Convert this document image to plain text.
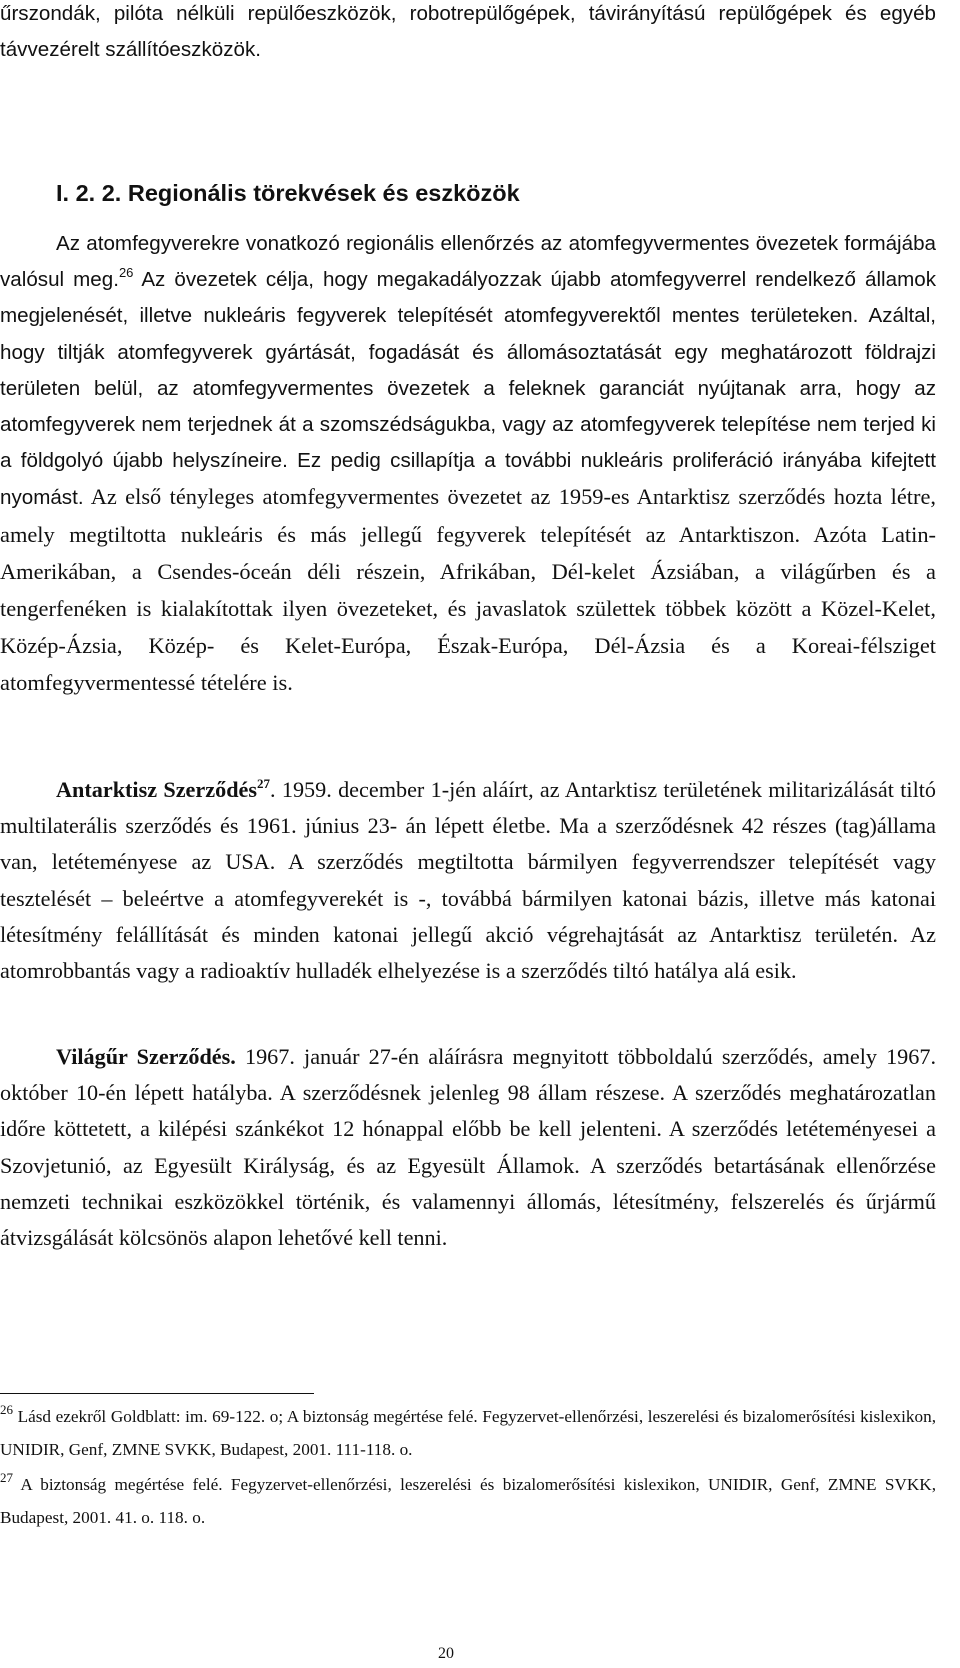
űrszondák, pilóta nélküli repülőeszközök, robotrepülőgépek, távirányítású repülőgépek és egyéb távvezérelt szállítóeszközök.

I. 2. 2. Regionális törekvések és eszközök

Az atomfegyverekre vonatkozó regionális ellenőrzés az atomfegyvermentes övezetek formájába valósul meg.$^{26}$ Az övezetek célja, hogy megakadályozzak újabb atomfegyverrel rendelkező államok megjelenését, illetve nukleáris fegyverek telepítését atomfegyverektől mentes területeken. Azáltal, hogy tiltják atomfegyverek gyártását, fogadását és állomásoztatását egy meghatározott földrajzi területen belül, az atomfegyvermentes övezetek a feleknek garanciát nyújtanak arra, hogy az atomfegyverek nem terjednek át a szomszédságukba, vagy az atomfegyverek telepítése nem terjed ki a földgolyó újabb helyszíneire. Ez pedig csillapítja a további nukleáris proliferáció irányába kifejtett nyomást. Az első tényleges atomfegyvermentes övezetet az 1959-es Antarktisz szerződés hozta létre, amely megtiltotta nukleáris és más jellegű fegyverek telepítését az Antarktiszon. Azóta Latin-Amerikában, a Csendes-óceán déli részein, Afrikában, Dél-kelet Ázsiában, a világűrben és a tengerfenéken is kialakítottak ilyen övezeteket, és javaslatok születtek többek között a Közel-Kelet, Közép-Ázsia, Közép- és Kelet-Európa, Észak-Európa, Dél-Ázsia és a Koreai-félsziget atomfegyvermentessé tételére is.

Antarktisz Szerződés$^{27}$. 1959. december 1-jén aláírt, az Antarktisz területének militarizálását tiltó multilaterális szerződés és 1961. június 23- án lépett életbe. Ma a szerződésnek 42 részes (tag)állama van, letéteményese az USA. A szerződés megtiltotta bármilyen fegyverrendszer telepítését vagy tesztelését – beleértve a atomfegyverekét is -, továbbá bármilyen katonai bázis, illetve más katonai létesítmény felállítását és minden katonai jellegű akció végrehajtását az Antarktisz területén. Az atomrobbantás vagy a radioaktív hulladék elhelyezése is a szerződés tiltó hatálya alá esik.

Világűr Szerződés. 1967. január 27-én aláírásra megnyitott többoldalú szerződés, amely 1967. október 10-én lépett hatályba. A szerződésnek jelenleg 98 állam részese. A szerződés meghatározatlan időre köttetett, a kilépési szánkékot 12 hónappal előbb be kell jelenteni. A szerződés letéteményesei a Szovjetunió, az Egyesült Királyság, és az Egyesült Államok. A szerződés betartásának ellenőrzése nemzeti technikai eszközökkel történik, és valamennyi állomás, létesítmény, felszerelés és űrjármű átvizsgálását kölcsönös alapon lehetővé kell tenni.

$^{26}$ Lásd ezekről Goldblatt: im. 69-122. o; A biztonság megértése felé. Fegyzervet-ellenőrzési, leszerelési és bizalomerősítési kislexikon, UNIDIR, Genf, ZMNE SVKK, Budapest, 2001. 111-118. o.

$^{27}$ A biztonság megértése felé. Fegyzervet-ellenőrzési, leszerelési és bizalomerősítési kislexikon, UNIDIR, Genf, ZMNE SVKK, Budapest, 2001. 41. o. 118. o.

20
